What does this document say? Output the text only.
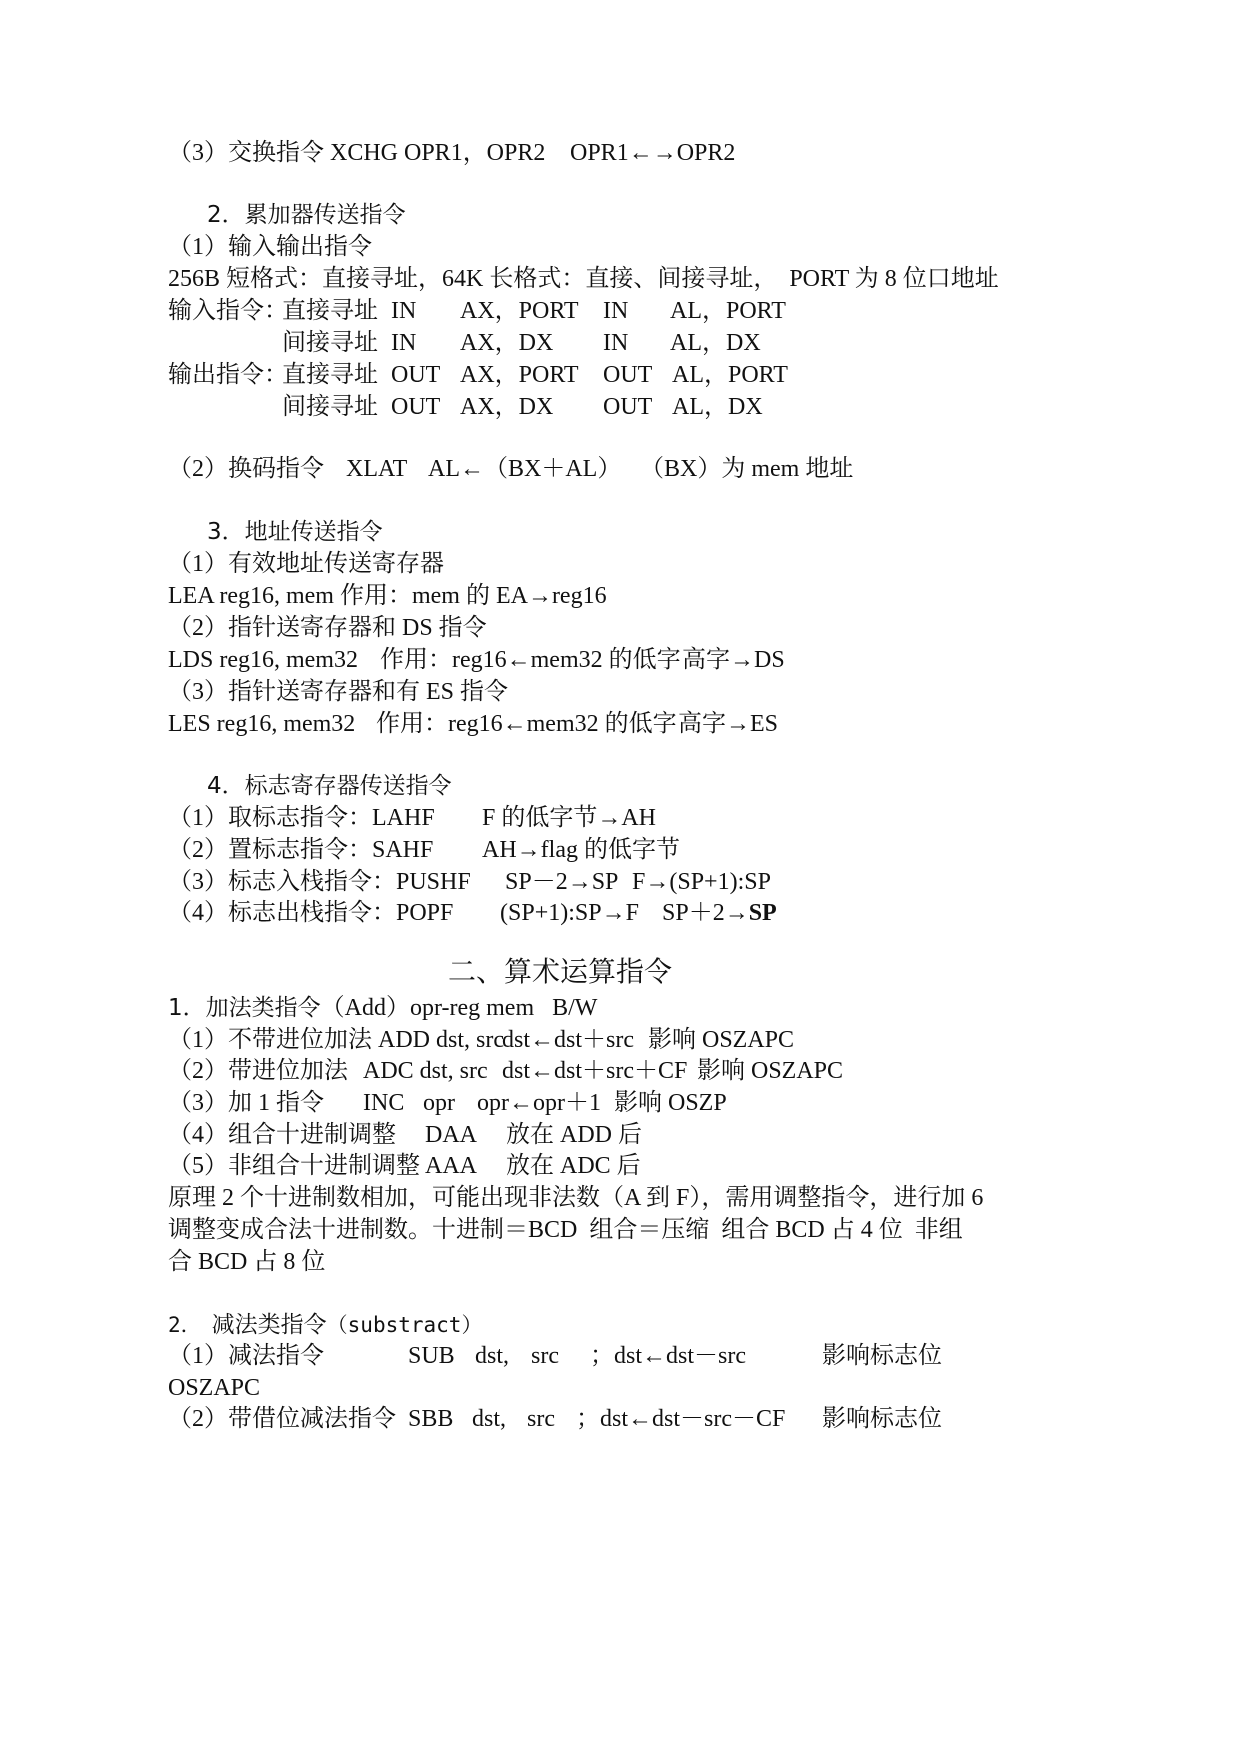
（3）交换指令 XCHG OPR1，OPR2 OPR1←→OPR2
2．累加器传送指令
（1）输入输出指令
256B 短格式：直接寻址，64K 长格式：直接、间接寻址，  PORT 为 8 位口地址
输入指令：
直接寻址 IN AX，PORT IN AL，PORT
间接寻址 IN AX，DX IN AL，DX
输出指令：
直接寻址 OUT AX，PORT OUT AL，PORT
间接寻址 OUT AX，DX OUT AL，DX
（2）换码指令 XLAT AL←（BX＋AL） （BX）为 mem 地址
3．地址传送指令
（1）有效地址传送寄存器
LEA reg16, mem 作用：mem 的 EA→reg16
（2）指针送寄存器和 DS 指令
LDS reg16, mem32 作用：reg16←mem32 的低字 高字→DS
（3）指针送寄存器和有 ES 指令
LES reg16, mem32 作用：reg16←mem32 的低字 高字→ES
4．标志寄存器传送指令
（1）取标志指令：LAHF F 的低字节→AH
（2）置标志指令：SAHF AH→flag 的低字节
（3）标志入栈指令：PUSHF SP－2→SP F→(SP+1):SP
（4）标志出栈指令：POPF (SP+1):SP→F SP＋2→SP
二、算术运算指令
1．加法类指令（Add）opr-reg mem   B/W
（1）不带进位加法 ADD dst, src
dst←dst＋src 影响 OSZAPC
（2）带进位加法 ADC dst, src dst←dst＋src＋CF 影响 OSZAPC
（3）加 1 指令 INC opr opr←opr＋1 影响 OSZP
（4）组合十进制调整 DAA 放在 ADD 后
（5）非组合十进制调整 AAA 放在 ADC 后
原理 2 个十进制数相加，可能出现非法数（A 到 F），需用调整指令，进行加 6
调整变成合法十进制数。十进制＝BCD  组合＝压缩  组合 BCD 占 4 位  非组
合 BCD 占 8 位
2． 减法类指令（substract）
（1）减法指令	SUB dst, src ；dst←dst－src	影响标志位
OSZAPC
（2）带借位减法指令 SBB dst, src ；dst←dst－src－CF 影响标志位
